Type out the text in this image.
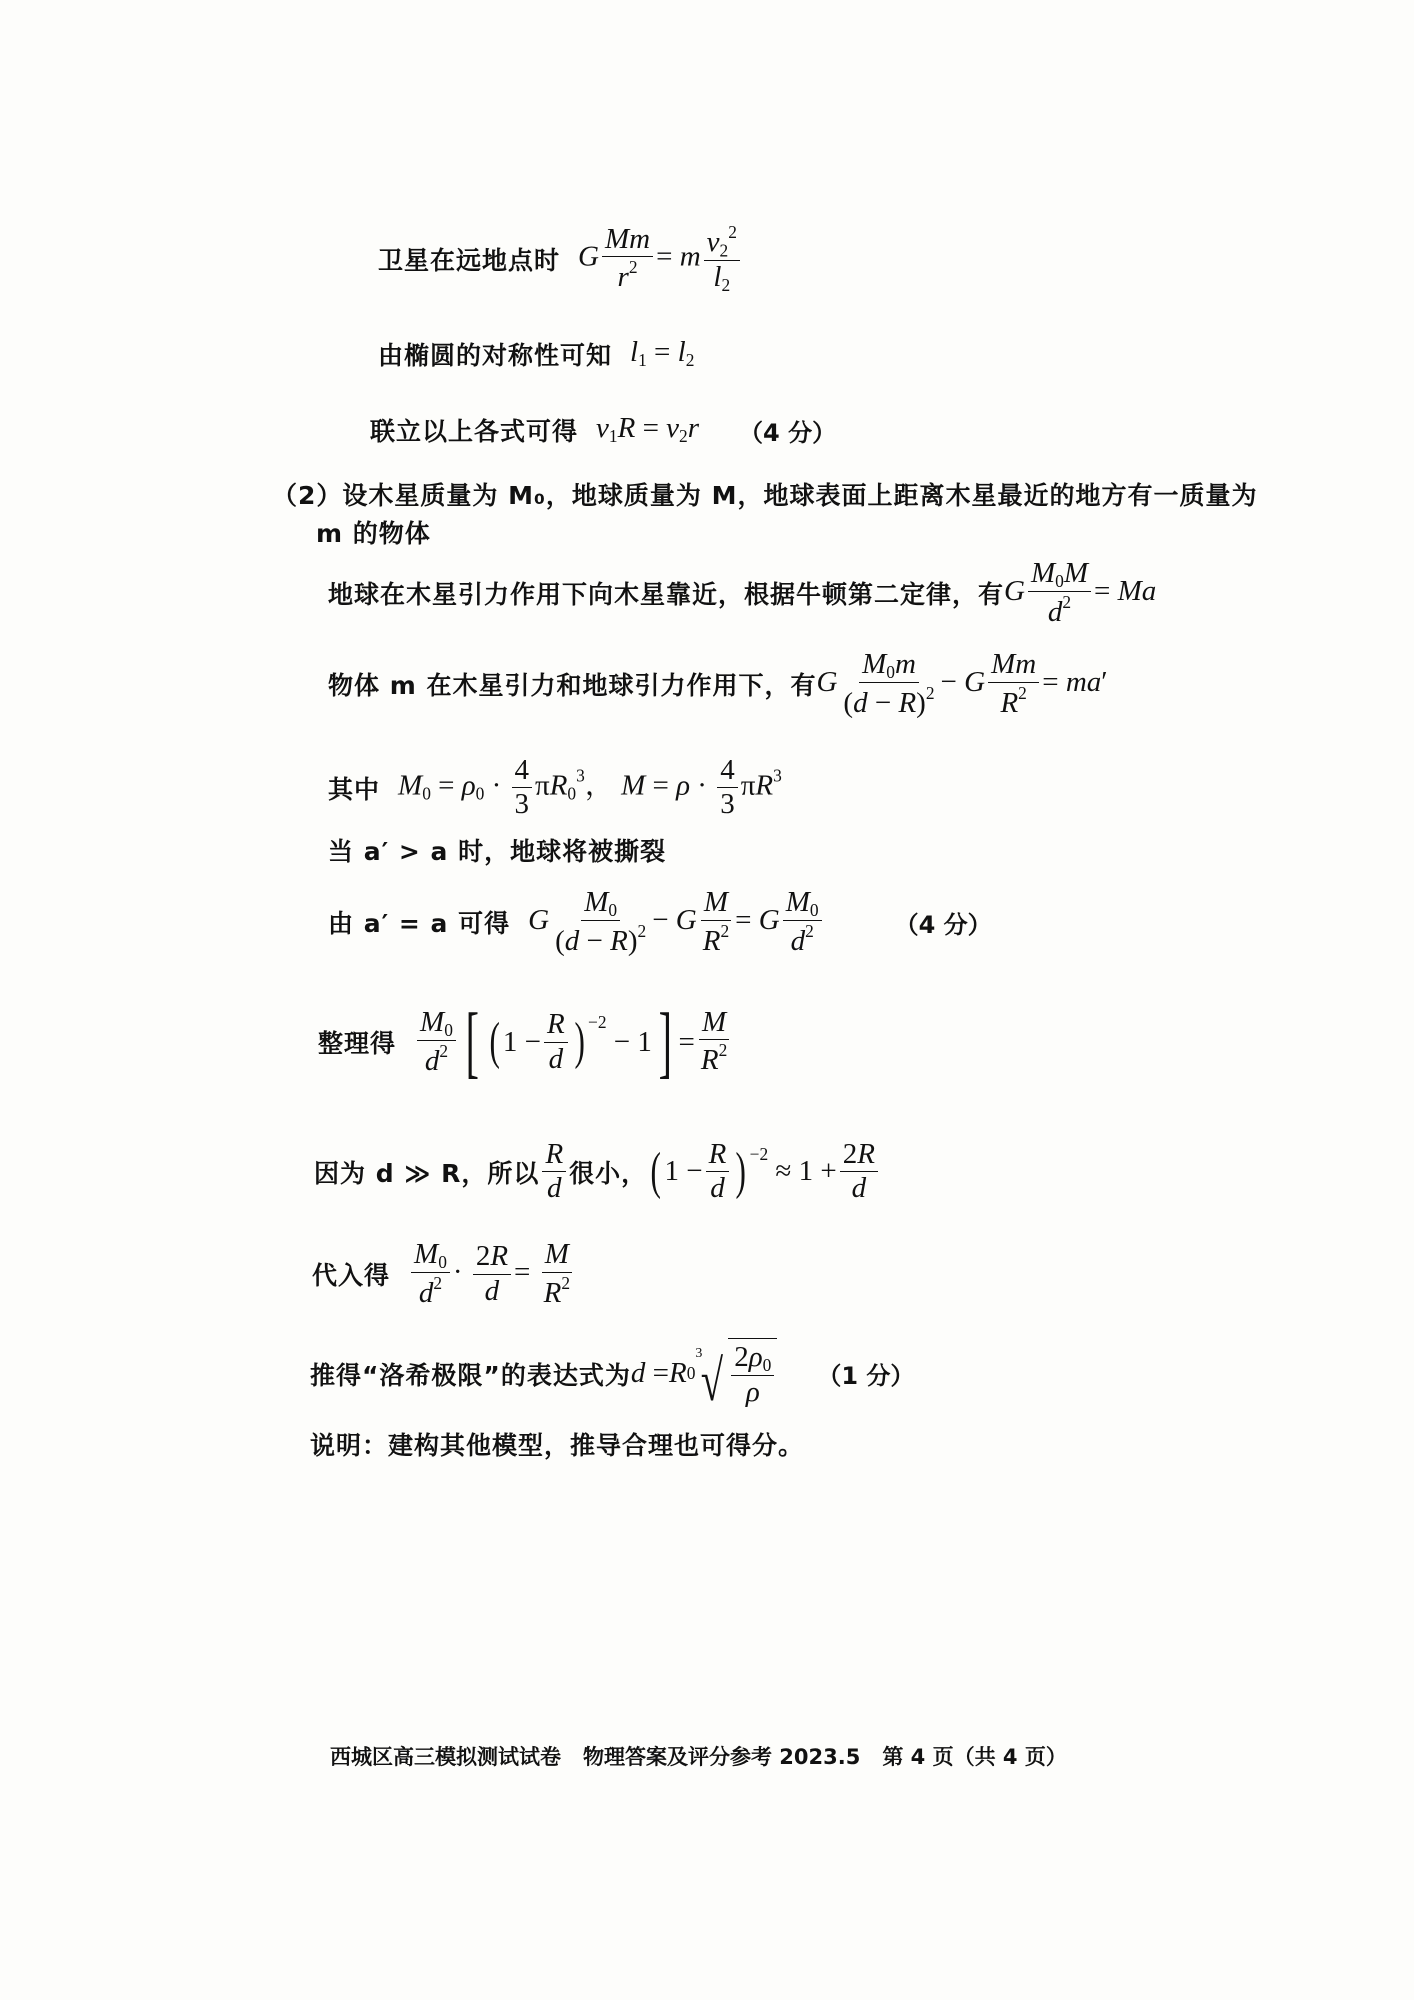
卫星在远地点时 G $\frac{Mm}{r^2} = m \frac{v_2^2}{l_2}$
由椭圆的对称性可知 $l_1 = l_2$
联立以上各式可得 $v_1R = v_2r$ （4 分）
（2）设木星质量为 M₀，地球质量为 M，地球表面上距离木星最近的地方有一质量为
m 的物体
地球在木星引力作用下向木星靠近，根据牛顿第二定律，有 G $\frac{M_0M}{d^2} = Ma$
物体 m 在木星引力和地球引力作用下，有 G $\frac{M_0m}{(d - R)^2} - G \frac{Mm}{R^2} = ma'$
其中 $M_0 = \rho_0 \cdot \frac{4}{3} \pi R_0^3$， $M = \rho \cdot \frac{4}{3} \pi R^3$
当 a′ > a 时，地球将被撕裂
由 a′ = a 可得 G $\frac{M_0}{(d - R)^2} - G \frac{M}{R^2} = G \frac{M_0}{d^2}$	（4 分）
整理得 $\frac{M_0}{d^2}$ [ ( $1 - \frac{R}{d} )^{-2}$
− 1 ] = $\frac{M}{R^2}$
因为 d ≫ R，所以 $\frac{R}{d}$ 很小， ( $1 - \frac{R}{d} )^{-2}$
≈ $1 + \frac{2R}{d}$
代入得 $\frac{M_0}{d^2} \cdot \frac{2R}{d} = \frac{M}{R^2}$
推得“洛希极限”的表达式为 d = R 0
3
√ $\frac{2\rho_0}{\rho} (1$ 分）
说明：建构其他模型，推导合理也可得分。
西城区高三模拟测试试卷 物理答案及评分参考 2023.5 第 4 页（共 4 页）
